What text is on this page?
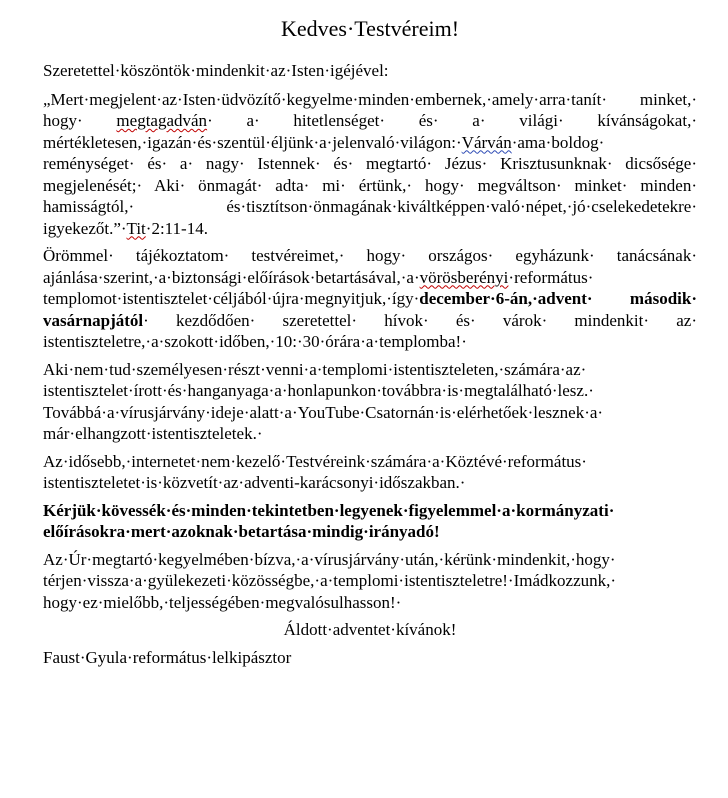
Kedves·Testvéreim!

Szeretettel·köszöntök·mindenkit·az·Isten·igéjével:

„Mert·megjelent·az·Isten·üdvözítő·kegyelme·minden·embernek,·amely·arra·tanít· minket,· hogy· megtagadván· a· hitetlenséget· és· a· világi· kívánságokat,· mértékletesen,·igazán·és·szentül·éljünk·a·jelenvaló·világon:·Várván·ama·boldog· reménységet· és· a· nagy· Istennek· és· megtartó· Jézus· Krisztusunknak· dicsősége· megjelenését;· Aki· önmagát· adta· mi· értünk,· hogy· megváltson· minket· minden· hamisságtól,· és·tisztítson·önmagának·kiváltképpen·való·népet,·jó·cselekedetekre· igyekezőt.”·Tit·2:11-14.

Örömmel· tájékoztatom· testvéreimet,· hogy· országos· egyházunk· tanácsának· ajánlása·szerint,·a·biztonsági·előírások·betartásával,·a·vörösberényi·református· templomot·istentisztelet·céljából·újra·megnyitjuk,·így·december·6-án,·advent· második· vasárnapjától· kezdődően· szeretettel· hívok· és· várok· mindenkit· az· istentiszteletre,·a·szokott·időben,·10:·30·órára·a·templomba!·

Aki·nem·tud·személyesen·részt·venni·a·templomi·istentiszteleten,·számára·az· istentisztelet·írott·és·hanganyaga·a·honlapunkon·továbbra·is·megtalálható·lesz.· Továbbá·a·vírusjárvány·ideje·alatt·a·YouTube·Csatornán·is·elérhetőek·lesznek·a· már·elhangzott·istentiszteletek.·

Az·idősebb,·internetet·nem·kezelő·Testvéreink·számára·a·Köztévé·református· istentiszteletet·is·közvetít·az·adventi-karácsonyi·időszakban.·

Kérjük·kövessék·és·minden·tekintetben·legyenek·figyelemmel·a·kormányzati· előírásokra·mert·azoknak·betartása·mindig·irányadó!

Az·Úr·megtartó·kegyelmében·bízva,·a·vírusjárvány·után,·kérünk·mindenkit,·hogy· térjen·vissza·a·gyülekezeti·közösségbe,·a·templomi·istentiszteletre!·Imádkozzunk,· hogy·ez·mielőbb,·teljességében·megvalósulhasson!·

Áldott·adventet·kívánok!

Faust·Gyula·református·lelkipásztor
